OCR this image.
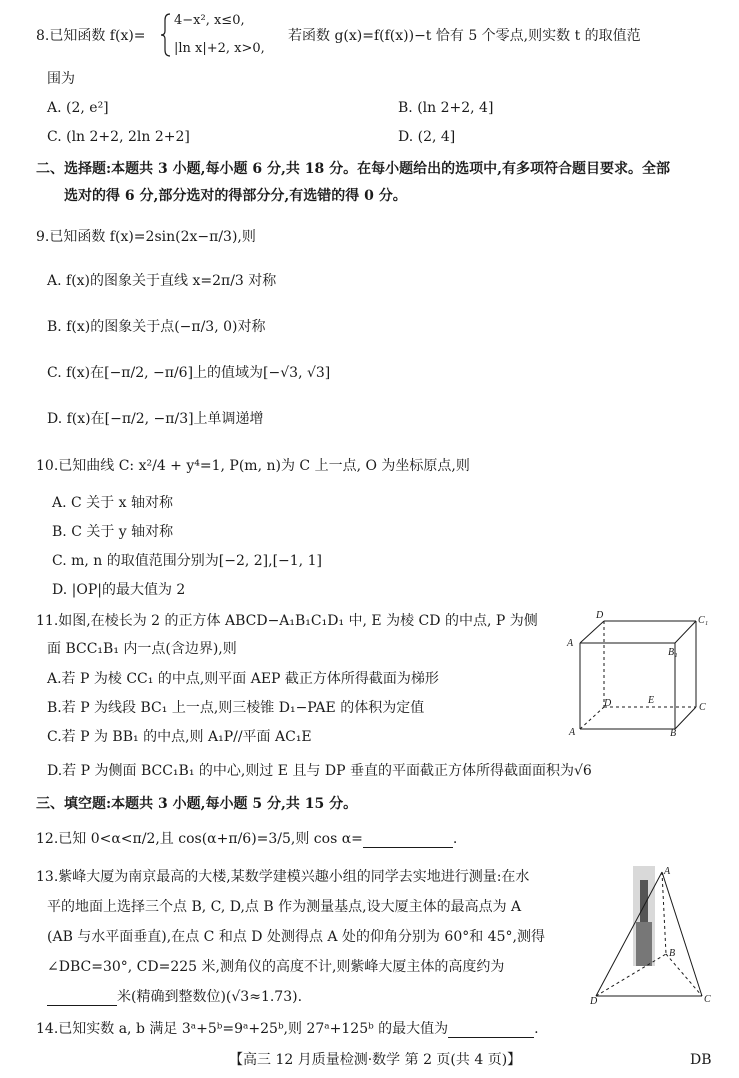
8.已知函数 f(x)=
4−x², x≤0,
|ln x|+2, x>0,
若函数 g(x)=f(f(x))−t 恰有 5 个零点,则实数 t 的取值范
围为
A. (2, e²]	B. (ln 2+2, 4]
C. (ln 2+2, 2ln 2+2]	D. (2, 4]
二、选择题:本题共 3 小题,每小题 6 分,共 18 分。在每小题给出的选项中,有多项符合题目要求。全部
选对的得 6 分,部分选对的得部分分,有选错的得 0 分。
9.已知函数 f(x)=2sin(2x−π/3),则
A. f(x)的图象关于直线 x=2π/3 对称
B. f(x)的图象关于点(−π/3, 0)对称
C. f(x)在[−π/2, −π/6]上的值域为[−√3, √3]
D. f(x)在[−π/2, −π/3]上单调递增
10.已知曲线 C: x²/4 + y⁴=1, P(m, n)为 C 上一点, O 为坐标原点,则
A. C 关于 x 轴对称
B. C 关于 y 轴对称
C. m, n 的取值范围分别为[−2, 2],[−1, 1]
D. |OP|的最大值为 2
11.如图,在棱长为 2 的正方体 ABCD−A₁B₁C₁D₁ 中, E 为棱 CD 的中点, P 为侧
面 BCC₁B₁ 内一点(含边界),则
A.若 P 为棱 CC₁ 的中点,则平面 AEP 截正方体所得截面为梯形
B.若 P 为线段 BC₁ 上一点,则三棱锥 D₁−PAE 的体积为定值
C.若 P 为 BB₁ 的中点,则 A₁P//平面 AC₁E
D.若 P 为侧面 BCC₁B₁ 的中心,则过 E 且与 DP 垂直的平面截正方体所得截面面积为√6
D	C₁
A
B₁
D	E
C
A	B
三、填空题:本题共 3 小题,每小题 5 分,共 15 分。
12.已知 0<α<π/2,且 cos(α+π/6)=3/5,则 cos α=	.
13.紫峰大厦为南京最高的大楼,某数学建模兴趣小组的同学去实地进行测量:在水
平的地面上选择三个点 B, C, D,点 B 作为测量基点,设大厦主体的最高点为 A
(AB 与水平面垂直),在点 C 和点 D 处测得点 A 处的仰角分别为 60°和 45°,测得
∠DBC=30°, CD=225 米,测角仪的高度不计,则紫峰大厦主体的高度约为
米(精确到整数位)(√3≈1.73).
A
B
D	C
14.已知实数 a, b 满足 3ᵃ+5ᵇ=9ᵃ+25ᵇ,则 27ᵃ+125ᵇ 的最大值为	.
【高三 12 月质量检测·数学 第 2 页(共 4 页)】	DB
